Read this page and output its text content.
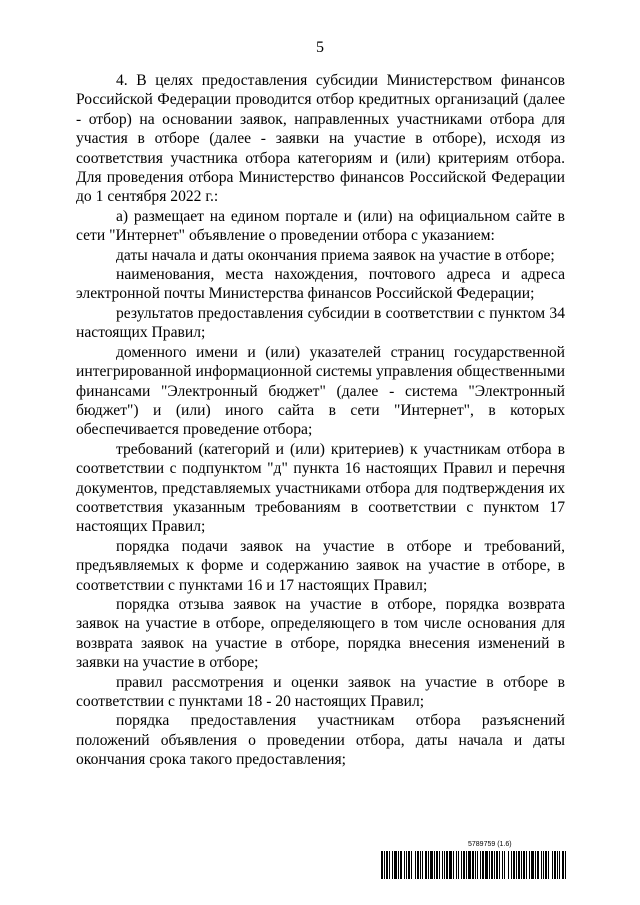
5

4. В целях предоставления субсидии Министерством финансов Российской Федерации проводится отбор кредитных организаций (далее - отбор) на основании заявок, направленных участниками отбора для участия в отборе (далее - заявки на участие в отборе), исходя из соответствия участника отбора категориям и (или) критериям отбора. Для проведения отбора Министерство финансов Российской Федерации до 1 сентября 2022 г.:

а) размещает на едином портале и (или) на официальном сайте в сети "Интернет" объявление о проведении отбора с указанием:

даты начала и даты окончания приема заявок на участие в отборе;

наименования, места нахождения, почтового адреса и адреса электронной почты Министерства финансов Российской Федерации;

результатов предоставления субсидии в соответствии с пунктом 34 настоящих Правил;

доменного имени и (или) указателей страниц государственной интегрированной информационной системы управления общественными финансами "Электронный бюджет" (далее - система "Электронный бюджет") и (или) иного сайта в сети "Интернет", в которых обеспечивается проведение отбора;

требований (категорий и (или) критериев) к участникам отбора в соответствии с подпунктом "д" пункта 16 настоящих Правил и перечня документов, представляемых участниками отбора для подтверждения их соответствия указанным требованиям в соответствии с пунктом 17 настоящих Правил;

порядка подачи заявок на участие в отборе и требований, предъявляемых к форме и содержанию заявок на участие в отборе, в соответствии с пунктами 16 и 17 настоящих Правил;

порядка отзыва заявок на участие в отборе, порядка возврата заявок на участие в отборе, определяющего в том числе основания для возврата заявок на участие в отборе, порядка внесения изменений в заявки на участие в отборе;

правил рассмотрения и оценки заявок на участие в отборе в соответствии с пунктами 18 - 20 настоящих Правил;

порядка предоставления участникам отбора разъяснений положений объявления о проведении отбора, даты начала и даты окончания срока такого предоставления;

5789759 (1.6)
